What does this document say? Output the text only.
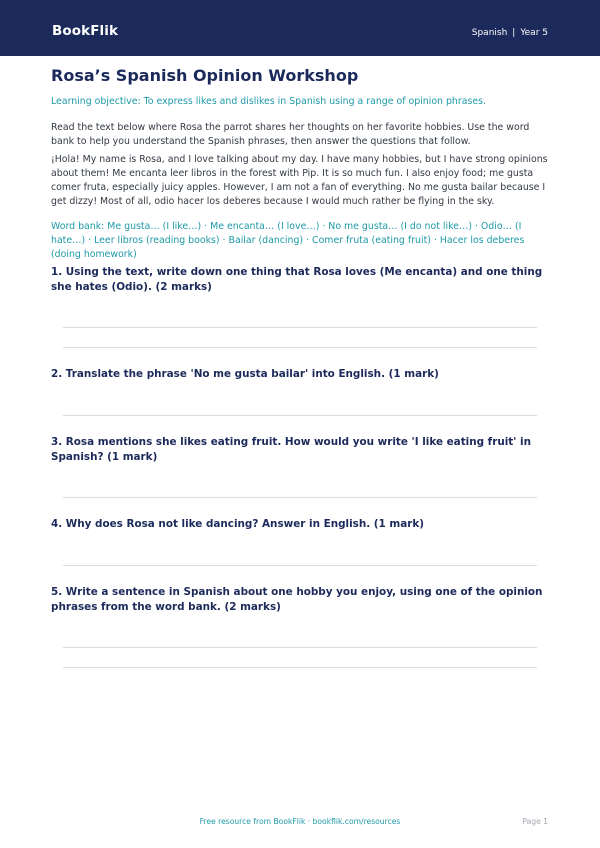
BookFlik	Spanish | Year 5
Rosa’s Spanish Opinion Workshop
Learning objective: To express likes and dislikes in Spanish using a range of opinion phrases.
Read the text below where Rosa the parrot shares her thoughts on her favorite hobbies. Use the word bank to help you understand the Spanish phrases, then answer the questions that follow.
¡Hola! My name is Rosa, and I love talking about my day. I have many hobbies, but I have strong opinions about them! Me encanta leer libros in the forest with Pip. It is so much fun. I also enjoy food; me gusta comer fruta, especially juicy apples. However, I am not a fan of everything. No me gusta bailar because I get dizzy! Most of all, odio hacer los deberes because I would much rather be flying in the sky.
Word bank: Me gusta… (I like…) · Me encanta… (I love…) · No me gusta… (I do not like…) · Odio… (I hate…) · Leer libros (reading books) · Bailar (dancing) · Comer fruta (eating fruit) · Hacer los deberes (doing homework)
1. Using the text, write down one thing that Rosa loves (Me encanta) and one thing she hates (Odio). (2 marks)
2. Translate the phrase 'No me gusta bailar' into English. (1 mark)
3. Rosa mentions she likes eating fruit. How would you write 'I like eating fruit' in Spanish? (1 mark)
4. Why does Rosa not like dancing? Answer in English. (1 mark)
5. Write a sentence in Spanish about one hobby you enjoy, using one of the opinion phrases from the word bank. (2 marks)
Free resource from BookFlik · bookflik.com/resources	Page 1
